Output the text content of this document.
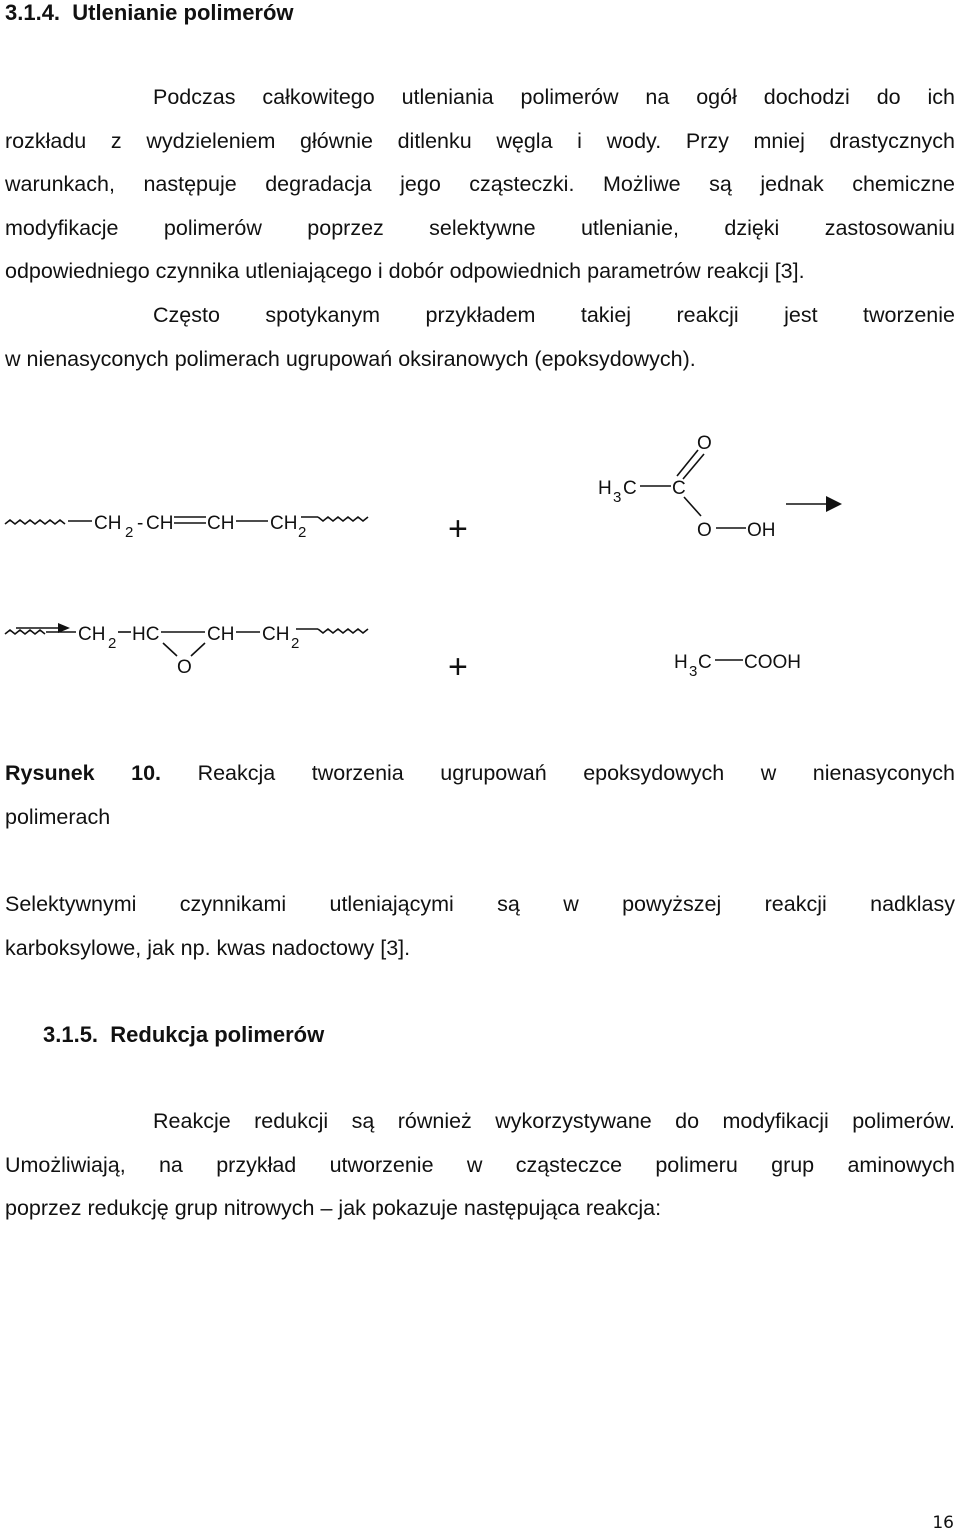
3.1.4. Utlenianie polimerów
Podczas całkowitego utleniania polimerów na ogół dochodzi do ich
rozkładu z wydzieleniem głównie ditlenku węgla i wody. Przy mniej drastycznych
warunkach, następuje degradacja jego cząsteczki. Możliwe są jednak chemiczne
modyfikacje polimerów poprzez selektywne utlenianie, dzięki zastosowaniu
odpowiedniego czynnika utleniającego i dobór odpowiednich parametrów reakcji [3].
Często spotykanym przykładem takiej reakcji jest tworzenie
w nienasyconych polimerach ugrupowań oksiranowych (epoksydowych).
CH 2 - CH CH CH 2	+
H 3 C C
O
O OH
CH 2 HC	CH CH 2
O	+	H 3 C COOH
Rysunek 10. Reakcja tworzenia ugrupowań epoksydowych w nienasyconych
polimerach
Selektywnymi czynnikami utleniającymi są w powyższej reakcji nadklasy
karboksylowe, jak np. kwas nadoctowy [3].
3.1.5. Redukcja polimerów
Reakcje redukcji są również wykorzystywane do modyfikacji polimerów.
Umożliwiają, na przykład utworzenie w cząsteczce polimeru grup aminowych
poprzez redukcję grup nitrowych – jak pokazuje następująca reakcja:
16
